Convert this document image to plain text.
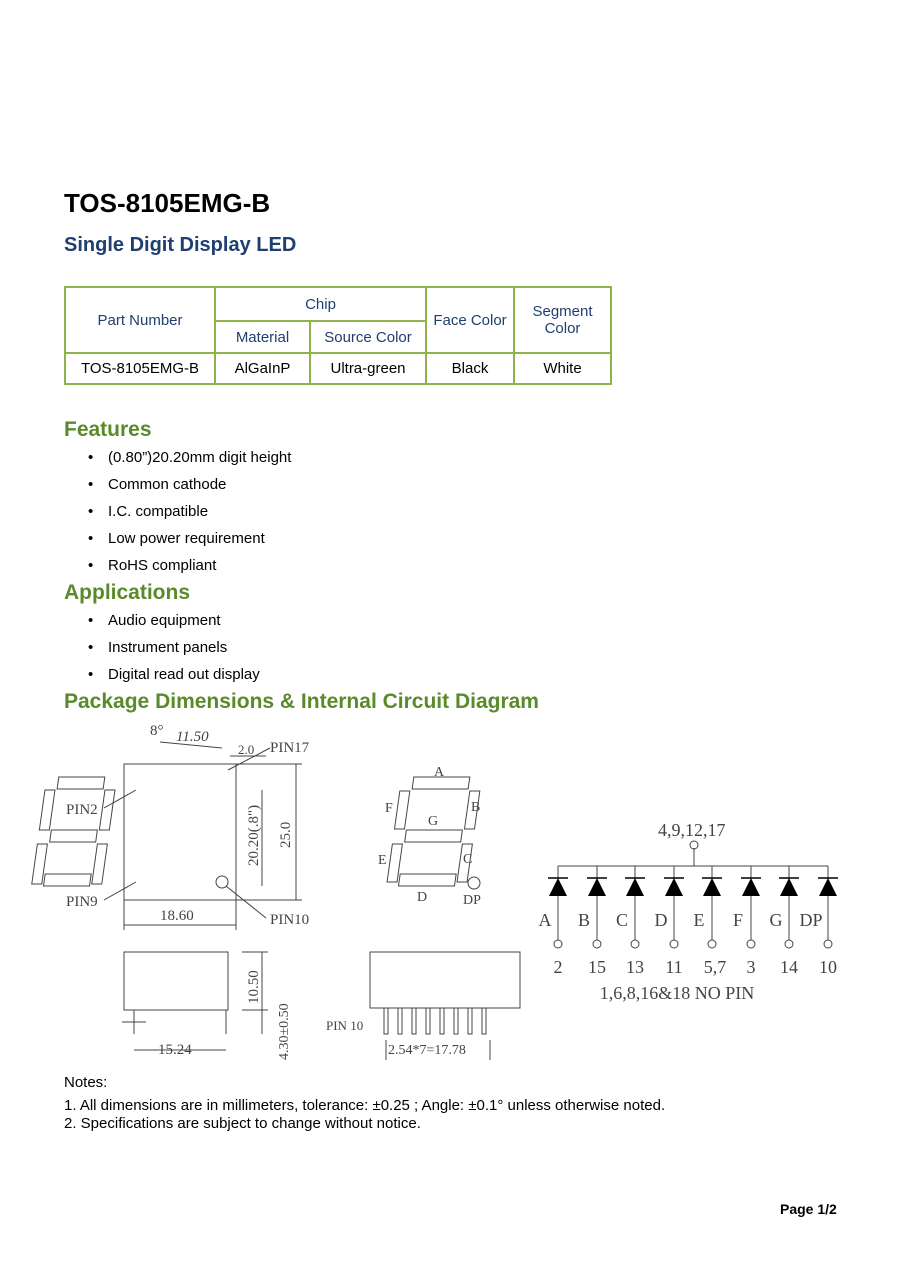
TOS-8105EMG-B
Single Digit Display LED
Part Number	Chip		Face Color	Segment Color
	Material	Source Color		
TOS-8105EMG-B	AlGaInP	Ultra-green	Black	White
Features
• (0.80”)20.20mm digit height
• Common cathode
• I.C. compatible
• Low power requirement
• RoHS compliant
Applications
• Audio equipment
• Instrument panels
• Digital read out display
Package Dimensions & Internal Circuit Diagram
8° 11.50
2.0 PIN17
PIN2
PIN9
PIN10
18.60
20.20(.8") 25.0
A
B
C
D
E
F
G
DP
10.50
4.30±0.50
15.24
PIN 10
2.54*7=17.78
4,9,12,17
A B C D E F G DP
2 15 13 11 5,7 3 14 10
1,6,8,16&18 NO PIN
Notes:
1. All dimensions are in millimeters, tolerance: ±0.25 ; Angle: ±0.1° unless otherwise noted.
2. Specifications are subject to change without notice.
Page 1/2
